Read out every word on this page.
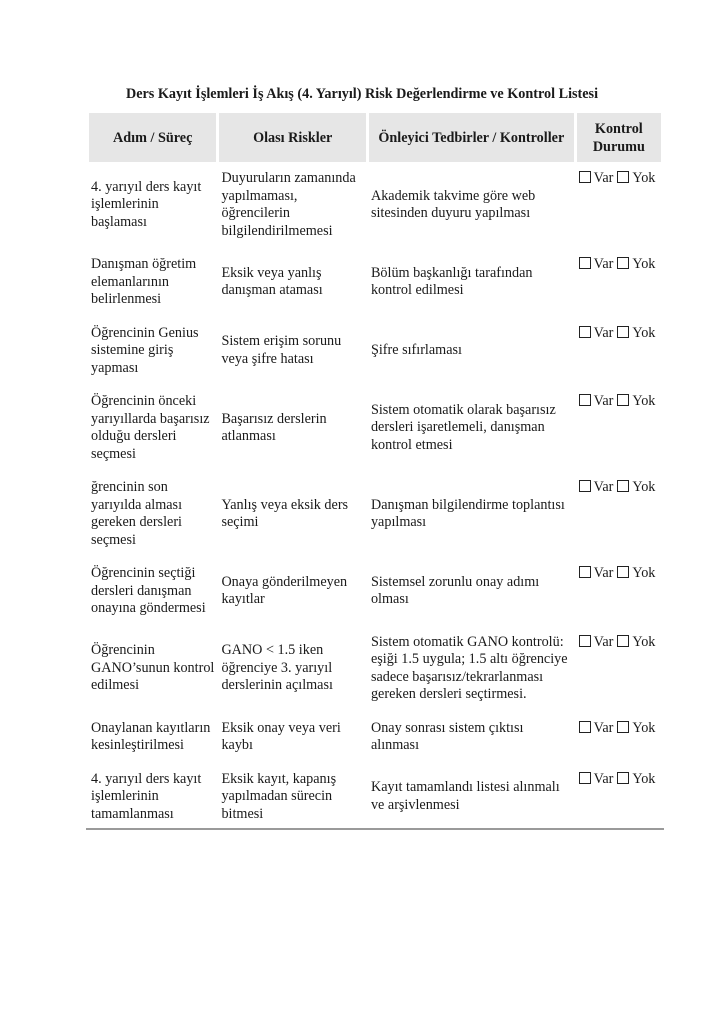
Ders Kayıt İşlemleri İş Akış (4. Yarıyıl) Risk Değerlendirme ve Kontrol Listesi
Adım / Süreç	Olası Riskler	Önleyici Tedbirler / Kontroller	Kontrol Durumu
4. yarıyıl ders kayıt işlemlerinin başlaması	Duyuruların zamanında yapılmaması, öğrencilerin bilgilendirilmemesi	Akademik takvime göre web sitesinden duyuru yapılması	Var Yok
Danışman öğretim elemanlarının belirlenmesi	Eksik veya yanlış danışman ataması	Bölüm başkanlığı tarafından kontrol edilmesi	Var Yok
Öğrencinin Genius sistemine giriş yapması	Sistem erişim sorunu veya şifre hatası	Şifre sıfırlaması	Var Yok
Öğrencinin önceki yarıyıllarda başarısız olduğu dersleri seçmesi	Başarısız derslerin atlanması	Sistem otomatik olarak başarısız dersleri işaretlemeli, danışman kontrol etmesi	Var Yok
ğrencinin son yarıyılda alması gereken dersleri seçmesi	Yanlış veya eksik ders seçimi	Danışman bilgilendirme toplantısı yapılması	Var Yok
Öğrencinin seçtiği dersleri danışman onayına göndermesi	Onaya gönderilmeyen kayıtlar	Sistemsel zorunlu onay adımı olması	Var Yok
Öğrencinin GANO’sunun kontrol edilmesi	GANO < 1.5 iken öğrenciye 3. yarıyıl derslerinin açılması	Sistem otomatik GANO kontrolü: eşiği 1.5 uygula; 1.5 altı öğrenciye sadece başarısız/tekrarlanması gereken dersleri seçtirmesi.	Var Yok
Onaylanan kayıtların kesinleştirilmesi	Eksik onay veya veri kaybı	Onay sonrası sistem çıktısı alınması	Var Yok
4. yarıyıl ders kayıt işlemlerinin tamamlanması	Eksik kayıt, kapanış yapılmadan sürecin bitmesi	Kayıt tamamlandı listesi alınmalı ve arşivlenmesi	Var Yok
